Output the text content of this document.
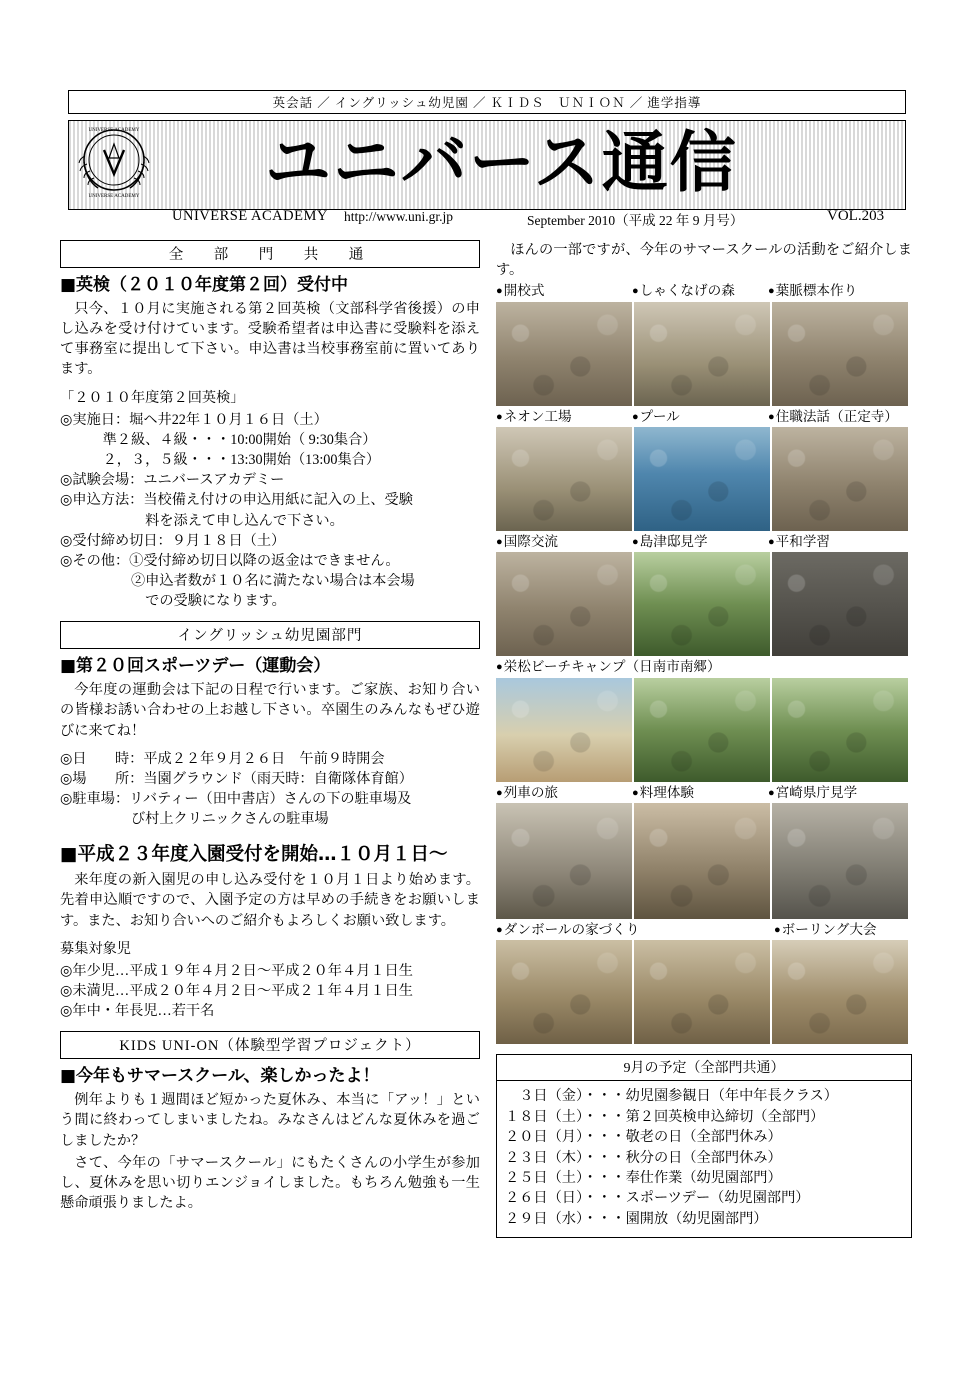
英会話 ／ イングリッシュ幼児園 ／ ＫＩＤＳ　ＵＮＩＯＮ ／ 進学指導
ユニバース通信
UNIVERSE ACADEMY
UNIVERSE ACADEMY
UNIVERSE ACADEMY http://www.uni.gr.jp	September 2010（平成 22 年 9 月号）	VOL.203
全　部　門　共　通
■英検（２０１０年度第２回）受付中

只今、１０月に実施される第２回英検（文部科学省後援）の申し込みを受け付けています。受験希望者は申込書に受験料を添えて事務室に提出して下さい。申込書は当校事務室前に置いてあります。

「２０１０年度第２回英検」

◎実施日：堀ヘ井22年１０月１６日（土）

　　　準２級、４級・・・10:00開始（ 9:30集合）

　　　２，３，５級・・・13:30開始（13:00集合）

◎試験会場：ユニバースアカデミー

◎申込方法：当校備え付けの申込用紙に記入の上、受験

　　　　　　料を添えて申し込んで下さい。

◎受付締め切日：９月１８日（土）

◎その他：①受付締め切日以降の返金はできません。

　　　　　②申込者数が１０名に満たない場合は本会場

　　　　　　での受験になります。

イングリッシュ幼児園部門
■第２０回スポーツデー（運動会）

今年度の運動会は下記の日程で行います。ご家族、お知り合いの皆様お誘い合わせの上お越し下さい。卒園生のみんなもぜひ遊びに来てね！

◎日　　時：平成２２年９月２６日　午前９時開会

◎場　　所：当園グラウンド（雨天時：自衛隊体育館）

◎駐車場：リバティー（田中書店）さんの下の駐車場及

　　　　　び村上クリニックさんの駐車場

■平成２３年度入園受付を開始…１０月１日〜

来年度の新入園児の申し込み受付を１０月１日より始めます。先着申込順ですので、入園予定の方は早めの手続きをお願いします。また、お知り合いへのご紹介もよろしくお願い致します。

募集対象児

◎年少児…平成１９年４月２日〜平成２０年４月１日生

◎未満児…平成２０年４月２日〜平成２１年４月１日生

◎年中・年長児…若干名

KIDS UNI-ON（体験型学習プロジェクト）
■今年もサマースクール、楽しかったよ！

例年よりも１週間ほど短かった夏休み、本当に「アッ！」という間に終わってしまいましたね。みなさんはどんな夏休みを過ごしましたか？

さて、今年の「サマースクール」にもたくさんの小学生が参加し、夏休みを思い切りエンジョイしました。もちろん勉強も一生懸命頑張りましたよ。

ほんの一部ですが、今年のサマースクールの活動をご紹介します。

● 開校式	● しゃくなげの森	● 葉脈標本作り
● ネオン工場	● プール	● 住職法話（正定寺）
● 国際交流	● 島津邸見学	● 平和学習
● 栄松ビーチキャンプ（日南市南郷）
● 列車の旅	● 料理体験	● 宮崎県庁見学
● ダンボールの家づくり	● ボーリング大会
9月の予定（全部門共通）

　３日（金）・・・幼児園参観日（年中年長クラス）

１８日（土）・・・第２回英検申込締切（全部門）

２０日（月）・・・敬老の日（全部門休み）

２３日（木）・・・秋分の日（全部門休み）

２５日（土）・・・奉仕作業（幼児園部門）

２６日（日）・・・スポーツデー（幼児園部門）

２９日（水）・・・園開放（幼児園部門）
